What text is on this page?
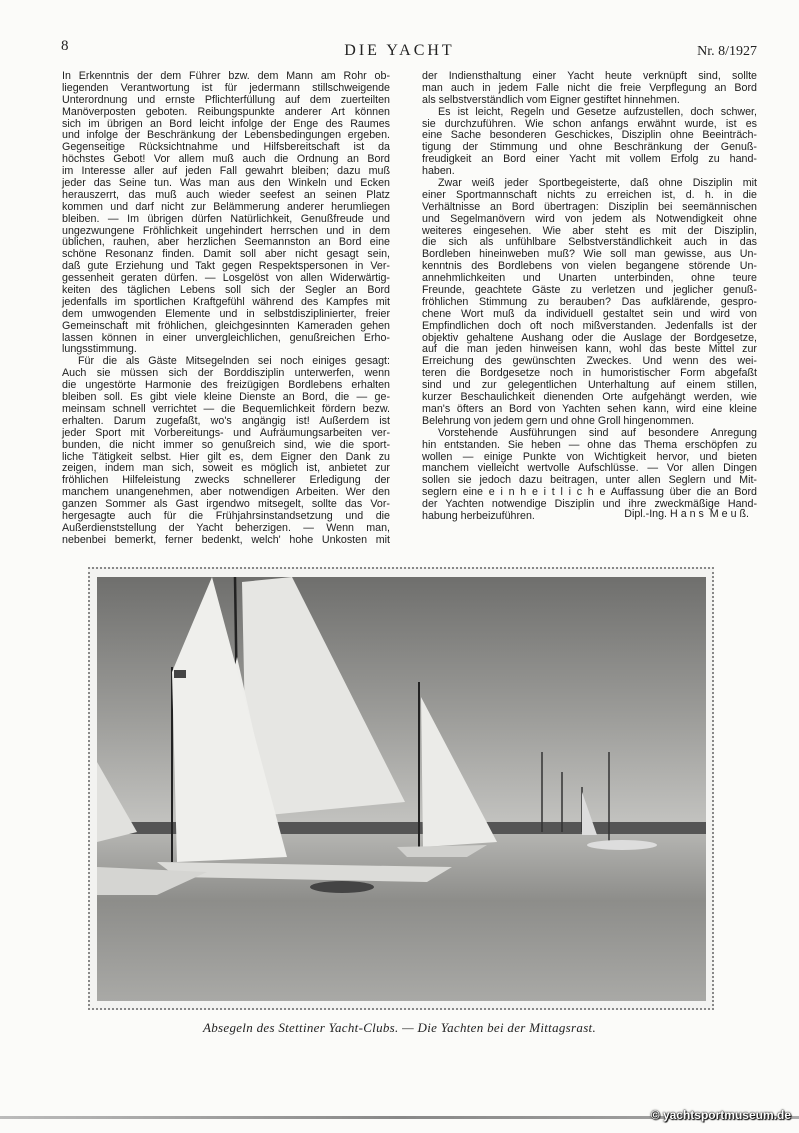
8	DIE YACHT	Nr. 8/1927
In Erkenntnis der dem Führer bzw. dem Mann am Rohr ob-
liegenden Verantwortung ist für jedermann stillschweigende
Unterordnung und ernste Pflichterfüllung auf dem zuerteilten
Manöverposten geboten. Reibungspunkte anderer Art können
sich im übrigen an Bord leicht infolge der Enge des Raumes
und infolge der Beschränkung der Lebensbedingungen ergeben.
Gegenseitige Rücksichtnahme und Hilfsbereitschaft ist da
höchstes Gebot! Vor allem muß auch die Ordnung an Bord
im Interesse aller auf jeden Fall gewahrt bleiben; dazu muß
jeder das Seine tun. Was man aus den Winkeln und Ecken
herauszerrt, das muß auch wieder seefest an seinen Platz
kommen und darf nicht zur Belämmerung anderer herumliegen
bleiben. — Im übrigen dürfen Natürlichkeit, Genußfreude und
ungezwungene Fröhlichkeit ungehindert herrschen und in dem
üblichen, rauhen, aber herzlichen Seemannston an Bord eine
schöne Resonanz finden. Damit soll aber nicht gesagt sein,
daß gute Erziehung und Takt gegen Respektspersonen in Ver-
gessenheit geraten dürfen. — Losgelöst von allen Widerwärtig-
keiten des täglichen Lebens soll sich der Segler an Bord
jedenfalls im sportlichen Kraftgefühl während des Kampfes mit
dem umwogenden Elemente und in selbstdisziplinierter, freier
Gemeinschaft mit fröhlichen, gleichgesinnten Kameraden gehen
lassen können in einer unvergleichlichen, genußreichen Erho-
lungsstimmung.
Für die als Gäste Mitsegelnden sei noch einiges gesagt:
Auch sie müssen sich der Borddisziplin unterwerfen, wenn
die ungestörte Harmonie des freizügigen Bordlebens erhalten
bleiben soll. Es gibt viele kleine Dienste an Bord, die — ge-
meinsam schnell verrichtet — die Bequemlichkeit fördern bezw.
erhalten. Darum zugefaßt, wo's angängig ist! Außerdem ist
jeder Sport mit Vorbereitungs- und Aufräumungsarbeiten ver-
bunden, die nicht immer so genußreich sind, wie die sport-
liche Tätigkeit selbst. Hier gilt es, dem Eigner den Dank zu
zeigen, indem man sich, soweit es möglich ist, anbietet zur
fröhlichen Hilfeleistung zwecks schnellerer Erledigung der
manchem unangenehmen, aber notwendigen Arbeiten. Wer den
ganzen Sommer als Gast irgendwo mitsegelt, sollte das Vor-
hergesagte auch für die Frühjahrsinstandsetzung und die
Außerdienststellung der Yacht beherzigen. — Wenn man,
nebenbei bemerkt, ferner bedenkt, welch' hohe Unkosten mit
der Indiensthaltung einer Yacht heute verknüpft sind, sollte
man auch in jedem Falle nicht die freie Verpflegung an Bord
als selbstverständlich vom Eigner gestiftet hinnehmen.
Es ist leicht, Regeln und Gesetze aufzustellen, doch schwer,
sie durchzuführen. Wie schon anfangs erwähnt wurde, ist es
eine Sache besonderen Geschickes, Disziplin ohne Beeinträch-
tigung der Stimmung und ohne Beschränkung der Genuß-
freudigkeit an Bord einer Yacht mit vollem Erfolg zu hand-
haben.
Zwar weiß jeder Sportbegeisterte, daß ohne Disziplin mit
einer Sportmannschaft nichts zu erreichen ist, d. h. in die
Verhältnisse an Bord übertragen: Disziplin bei seemännischen
und Segelmanövern wird von jedem als Notwendigkeit ohne
weiteres eingesehen. Wie aber steht es mit der Disziplin,
die sich als unfühlbare Selbstverständlichkeit auch in das
Bordleben hineinweben muß? Wie soll man gewisse, aus Un-
kenntnis des Bordlebens von vielen begangene störende Un-
annehmlichkeiten und Unarten unterbinden, ohne teure
Freunde, geachtete Gäste zu verletzen und jeglicher genuß-
fröhlichen Stimmung zu berauben? Das aufklärende, gespro-
chene Wort muß da individuell gestaltet sein und wird von
Empfindlichen doch oft noch mißverstanden. Jedenfalls ist der
objektiv gehaltene Aushang oder die Auslage der Bordgesetze,
auf die man jeden hinweisen kann, wohl das beste Mittel zur
Erreichung des gewünschten Zweckes. Und wenn des wei-
teren die Bordgesetze noch in humoristischer Form abgefaßt
sind und zur gelegentlichen Unterhaltung auf einem stillen,
kurzer Beschaulichkeit dienenden Orte aufgehängt werden, wie
man's öfters an Bord von Yachten sehen kann, wird eine kleine
Belehrung von jedem gern und ohne Groll hingenommen.
Vorstehende Ausführungen sind auf besondere Anregung
hin entstanden. Sie heben — ohne das Thema erschöpfen zu
wollen — einige Punkte von Wichtigkeit hervor, und bieten
manchem vielleicht wertvolle Aufschlüsse. — Vor allen Dingen
sollen sie jedoch dazu beitragen, unter allen Seglern und Mit-
seglern eine e i n h e i t l i c h e Auffassung über die an Bord
der Yachten notwendige Disziplin und ihre zweckmäßige Hand-
habung herbeizuführen.	Dipl.-Ing. H a n s  M e u ß.
Absegeln des Stettiner Yacht-Clubs. — Die Yachten bei der Mittagsrast.
© yachtsportmuseum.de
